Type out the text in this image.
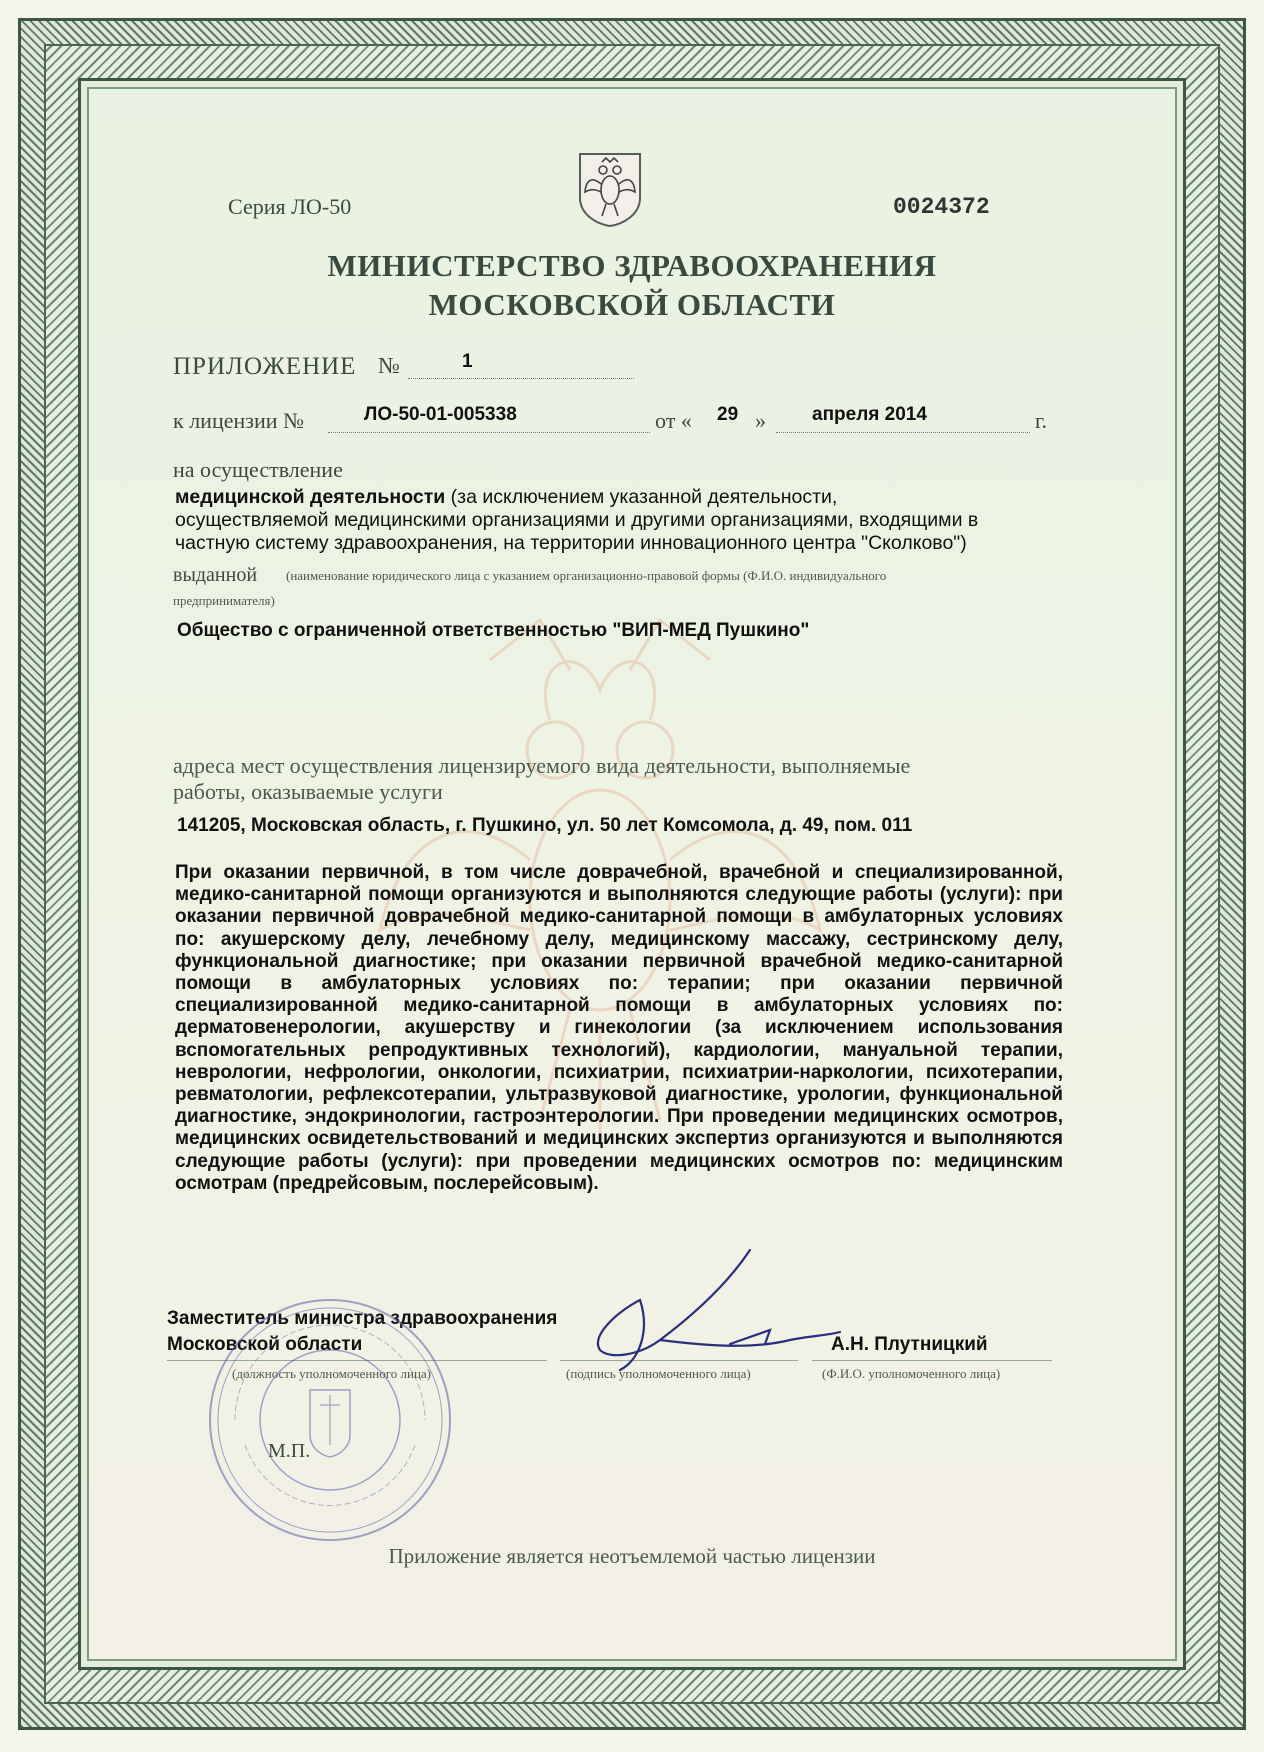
Серия ЛО-50	0024372
МИНИСТЕРСТВО ЗДРАВООХРАНЕНИЯ
МОСКОВСКОЙ ОБЛАСТИ
ПРИЛОЖЕНИЕ №	1
к лицензии №	ЛО-50-01-005338	от « 29 » апреля 2014	г.
на осуществление
медицинской деятельности (за исключением указанной деятельности,
осуществляемой медицинскими организациями и другими организациями, входящими в
частную систему здравоохранения, на территории инновационного центра "Сколково")
выданной (наименование юридического лица с указанием организационно-правовой формы (Ф.И.О. индивидуального
предпринимателя)
Общество с ограниченной ответственностью "ВИП-МЕД Пушкино"
адреса мест осуществления лицензируемого вида деятельности, выполняемые
работы, оказываемые услуги
141205, Московская область, г. Пушкино, ул. 50 лет Комсомола, д. 49, пом. 011
При оказании первичной, в том числе доврачебной, врачебной и специализированной, медико-санитарной помощи организуются и выполняются следующие работы (услуги): при оказании первичной доврачебной медико-санитарной помощи в амбулаторных условиях по: акушерскому делу, лечебному делу, медицинскому массажу, сестринскому делу, функциональной диагностике; при оказании первичной врачебной медико-санитарной помощи в амбулаторных условиях по: терапии; при оказании первичной специализированной медико-санитарной помощи в амбулаторных условиях по: дерматовенерологии, акушерству и гинекологии (за исключением использования вспомогательных репродуктивных технологий), кардиологии, мануальной терапии, неврологии, нефрологии, онкологии, психиатрии, психиатрии-наркологии, психотерапии, ревматологии, рефлексотерапии, ультразвуковой диагностике, урологии, функциональной диагностике, эндокринологии, гастроэнтерологии. При проведении медицинских осмотров, медицинских освидетельствований и медицинских экспертиз организуются и выполняются следующие работы (услуги): при проведении медицинских осмотров по: медицинским осмотрам (предрейсовым, послерейсовым).
Заместитель министра здравоохранения
Московской области	А.Н. Плутницкий
(должность уполномоченного лица)	(подпись уполномоченного лица)	(Ф.И.О. уполномоченного лица)
М.П.
Приложение является неотъемлемой частью лицензии
